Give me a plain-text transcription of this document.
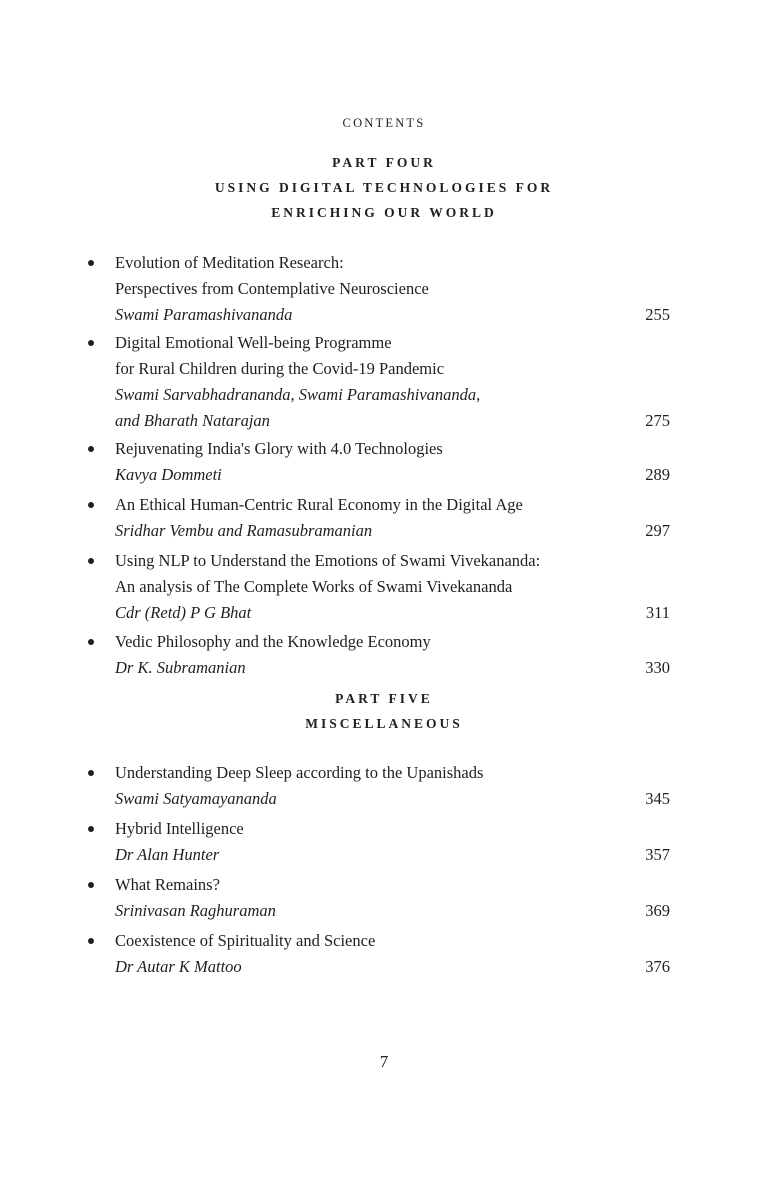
CONTENTS
PART FOUR
USING DIGITAL TECHNOLOGIES FOR
ENRICHING OUR WORLD
Evolution of Meditation Research:
Perspectives from Contemplative Neuroscience
Swami Paramashivananda	255
Digital Emotional Well-being Programme
for Rural Children during the Covid-19 Pandemic
Swami Sarvabhadrananda, Swami Paramashivananda,
and Bharath Natarajan	275
Rejuvenating India's Glory with 4.0 Technologies
Kavya Dommeti	289
An Ethical Human-Centric Rural Economy in the Digital Age
Sridhar Vembu and Ramasubramanian	297
Using NLP to Understand the Emotions of Swami Vivekananda:
An analysis of The Complete Works of Swami Vivekananda
Cdr (Retd) P G Bhat	311
Vedic Philosophy and the Knowledge Economy
Dr K. Subramanian	330
PART FIVE
MISCELLANEOUS
Understanding Deep Sleep according to the Upanishads
Swami Satyamayananda	345
Hybrid Intelligence
Dr Alan Hunter	357
What Remains?
Srinivasan Raghuraman	369
Coexistence of Spirituality and Science
Dr Autar K Mattoo	376
7
